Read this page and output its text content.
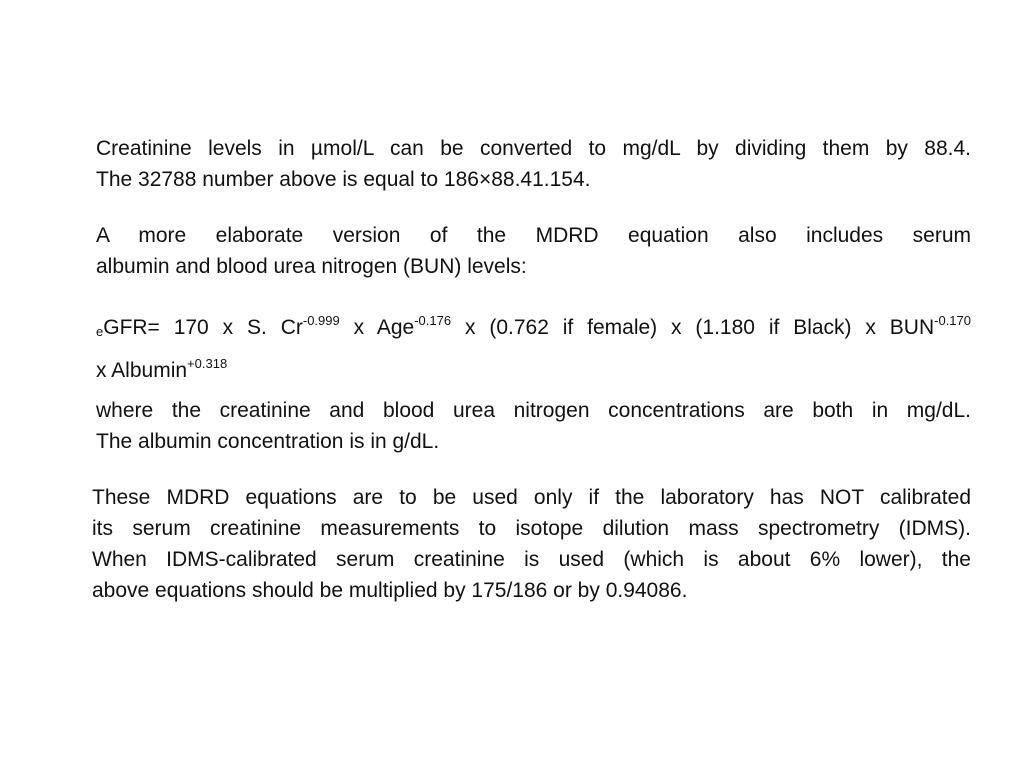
Creatinine levels in µmol/L can be converted to mg/dL by dividing them by 88.4.
The 32788 number above is equal to 186×88.41.154.
A more elaborate version of the MDRD equation also includes serum
albumin and blood urea nitrogen (BUN) levels:
eGFR= 170 x S. $Cr^{-0.999}$ x Age$^{-0.176}$ x (0.762 if female) x (1.180 if Black) x $BUN^{-0.170}$
x Albumin$^{+0.318}$
where the creatinine and blood urea nitrogen concentrations are both in mg/dL.
The albumin concentration is in g/dL.
These MDRD equations are to be used only if the laboratory has NOT calibrated
its serum creatinine measurements to isotope dilution mass spectrometry (IDMS).
When IDMS-calibrated serum creatinine is used (which is about 6% lower), the
above equations should be multiplied by 175/186 or by 0.94086.
